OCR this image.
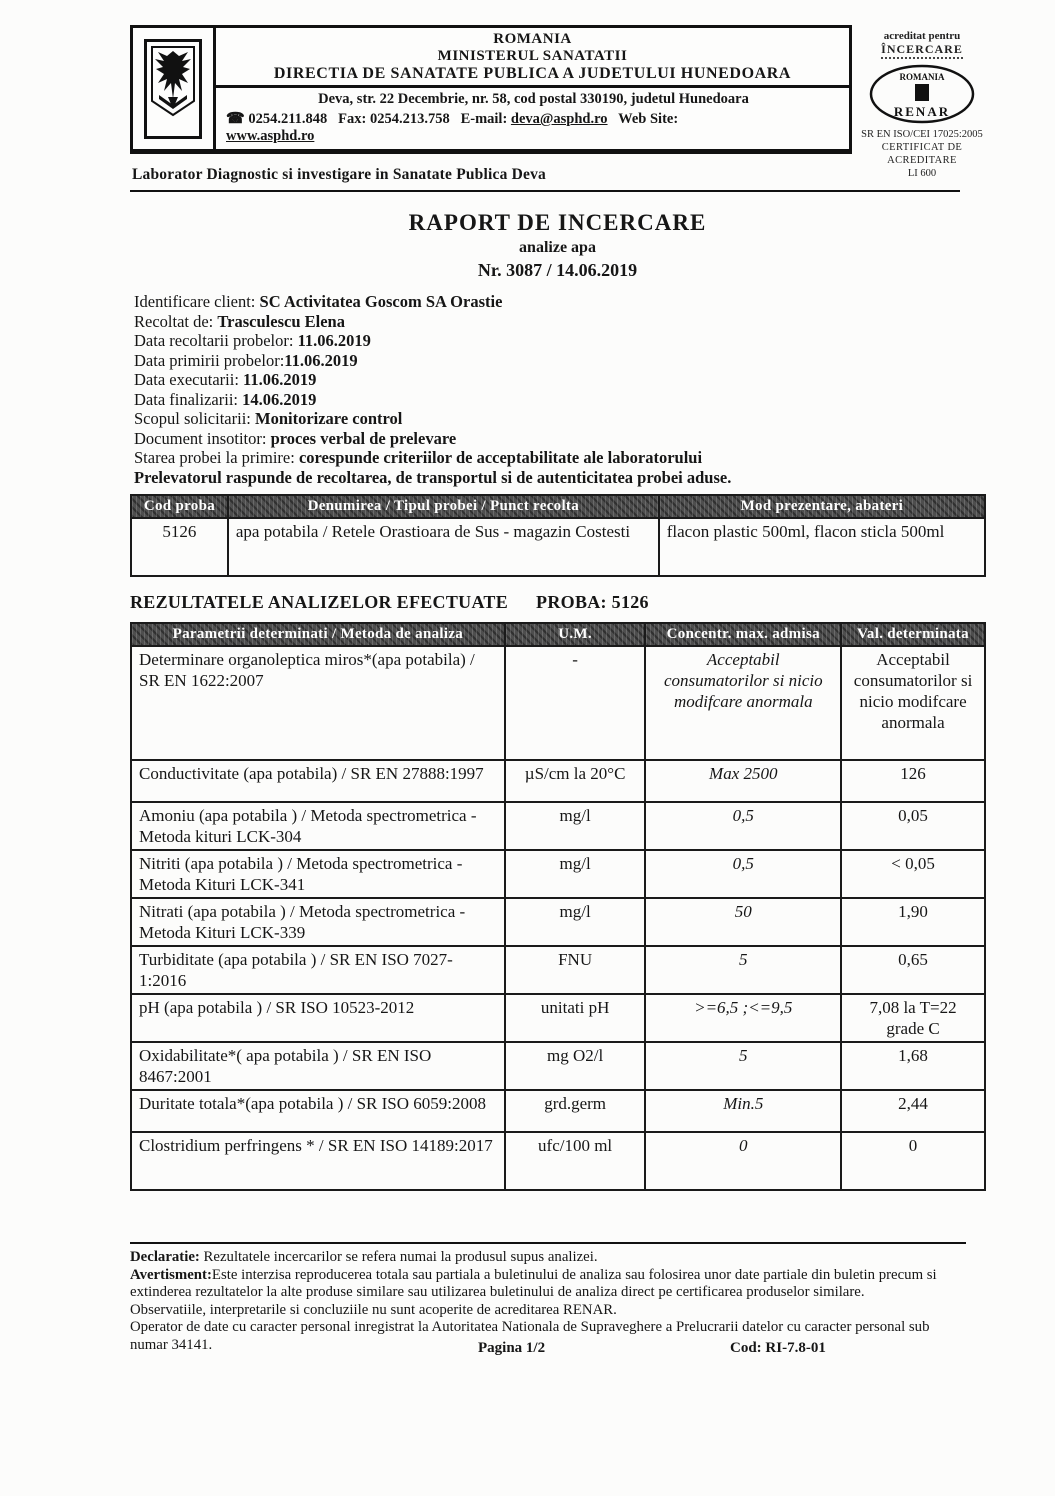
ROMANIA
MINISTERUL SANATATII
DIRECTIA DE SANATATE PUBLICA A JUDETULUI HUNEDOARA
Deva, str. 22 Decembrie, nr. 58, cod postal 330190, judetul Hunedoara
☎ 0254.211.848 Fax: 0254.213.758 E-mail: deva@asphd.ro Web Site:
www.asphd.ro
acreditat pentru
ÎNCERCARE
ROMANIA
RENAR
SR EN ISO/CEI 17025:2005
CERTIFICAT DE ACREDITARE
LI 600
Laborator Diagnostic si investigare in Sanatate Publica Deva
RAPORT DE INCERCARE
analize apa
Nr. 3087 / 14.06.2019
Identificare client: SC Activitatea Goscom SA Orastie
Recoltat de: Trasculescu Elena
Data recoltarii probelor: 11.06.2019
Data primirii probelor:11.06.2019
Data executarii: 11.06.2019
Data finalizarii: 14.06.2019
Scopul solicitarii: Monitorizare control
Document insotitor: proces verbal de prelevare
Starea probei la primire: corespunde criteriilor de acceptabilitate ale laboratorului
Prelevatorul raspunde de recoltarea, de transportul si de autenticitatea probei aduse.
Cod proba	Denumirea / Tipul probei / Punct recolta	Mod prezentare, abateri
5126	apa potabila / Retele Orastioara de Sus - magazin Costesti	flacon plastic 500ml, flacon sticla 500ml
REZULTATELE ANALIZELOR EFECTUATE PROBA: 5126
Parametrii determinati / Metoda de analiza	U.M.	Concentr. max. admisa	Val. determinata
Determinare organoleptica miros*(apa potabila) / SR EN 1622:2007	-	Acceptabil consumatorilor si nicio modifcare anormala	Acceptabil consumatorilor si nicio modifcare anormala
Conductivitate (apa potabila) / SR EN 27888:1997	µS/cm la 20°C	Max 2500	126
Amoniu (apa potabila ) / Metoda spectrometrica - Metoda kituri LCK-304	mg/l	0,5	0,05
Nitriti (apa potabila ) / Metoda spectrometrica - Metoda Kituri LCK-341	mg/l	0,5	< 0,05
Nitrati (apa potabila ) / Metoda spectrometrica - Metoda Kituri LCK-339	mg/l	50	1,90
Turbiditate (apa potabila ) / SR EN ISO 7027-1:2016	FNU	5	0,65
pH (apa potabila ) / SR ISO 10523-2012	unitati pH	>=6,5 ;<=9,5	7,08 la T=22 grade C
Oxidabilitate*( apa potabila ) / SR EN ISO 8467:2001	mg O2/l	5	1,68
Duritate totala*(apa potabila ) / SR ISO 6059:2008	grd.germ	Min.5	2,44
Clostridium perfringens * / SR EN ISO 14189:2017	ufc/100 ml	0	0
Declaratie: Rezultatele incercarilor se refera numai la produsul supus analizei.
Avertisment:Este interzisa reproducerea totala sau partiala a buletinului de analiza sau folosirea unor date partiale din buletin precum si extinderea rezultatelor la alte produse similare sau utilizarea buletinului de analiza direct pe certificarea produselor similare.
Observatiile, interpretarile si concluziile nu sunt acoperite de acreditarea RENAR.
Operator de date cu caracter personal inregistrat la Autoritatea Nationala de Supraveghere a Prelucrarii datelor cu caracter personal sub numar 34141.	Pagina 1/2	Cod: RI-7.8-01
